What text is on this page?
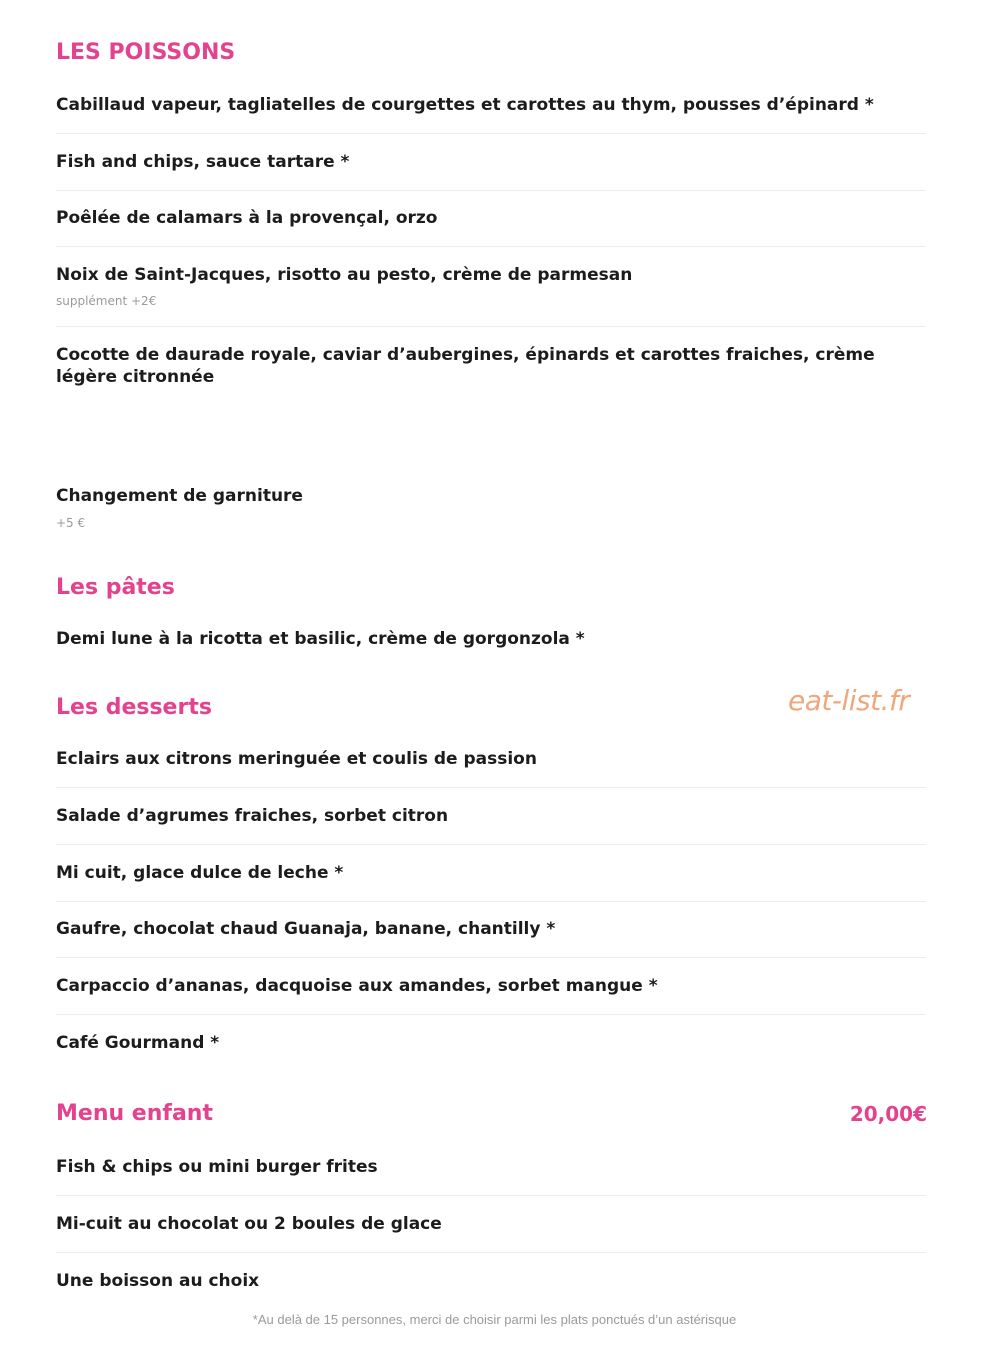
LES POISSONS
Cabillaud vapeur, tagliatelles de courgettes et carottes au thym, pousses d’épinard *
Fish and chips, sauce tartare *
Poêlée de calamars à la provençal, orzo
Noix de Saint-Jacques, risotto au pesto, crème de parmesan
supplément +2€
Cocotte de daurade royale, caviar d’aubergines, épinards et carottes fraiches, crème légère citronnée
Changement de garniture
+5 €
Les pâtes
Demi lune à la ricotta et basilic, crème de gorgonzola *
Les desserts	eat-list.fr
Eclairs aux citrons meringuée et coulis de passion
Salade d’agrumes fraiches, sorbet citron
Mi cuit, glace dulce de leche *
Gaufre, chocolat chaud Guanaja, banane, chantilly *
Carpaccio d’ananas, dacquoise aux amandes, sorbet mangue *
Café Gourmand *
Menu enfant	20,00€
Fish & chips ou mini burger frites
Mi-cuit au chocolat ou 2 boules de glace
Une boisson au choix
*Au delà de 15 personnes, merci de choisir parmi les plats ponctués d’un astérisque
